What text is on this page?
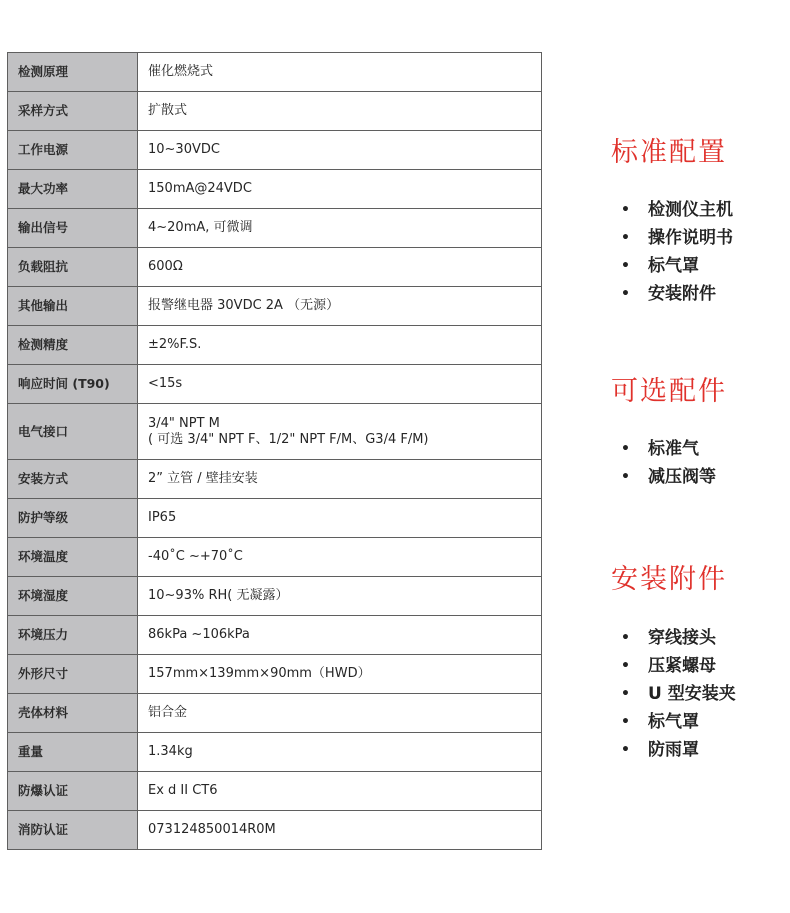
检测原理	催化燃烧式

采样方式	扩散式

工作电源	10~30VDC

最大功率	150mA@24VDC

输出信号	4~20mA, 可微调

负载阻抗	600Ω

其他输出	报警继电器 30VDC 2A （无源）

检测精度	±2%F.S.

响应时间 (T90)	<15s

电气接口	3/4" NPT M
( 可选 3/4" NPT F、1/2" NPT F/M、G3/4 F/M)

安装方式	2” 立管 / 壁挂安装

防护等级	IP65

环境温度	-40˚C ~+70˚C

环境湿度	10~93% RH( 无凝露）

环境压力	86kPa ~106kPa

外形尺寸	157mm×139mm×90mm（HWD）

壳体材料	铝合金

重量	1.34kg

防爆认证	Ex d II CT6

消防认证	073124850014R0M
标准配置
• 检测仪主机
• 操作说明书
• 标气罩
• 安装附件
可选配件
• 标准气
• 减压阀等
安装附件
• 穿线接头
• 压紧螺母
• U 型安装夹
• 标气罩
• 防雨罩
